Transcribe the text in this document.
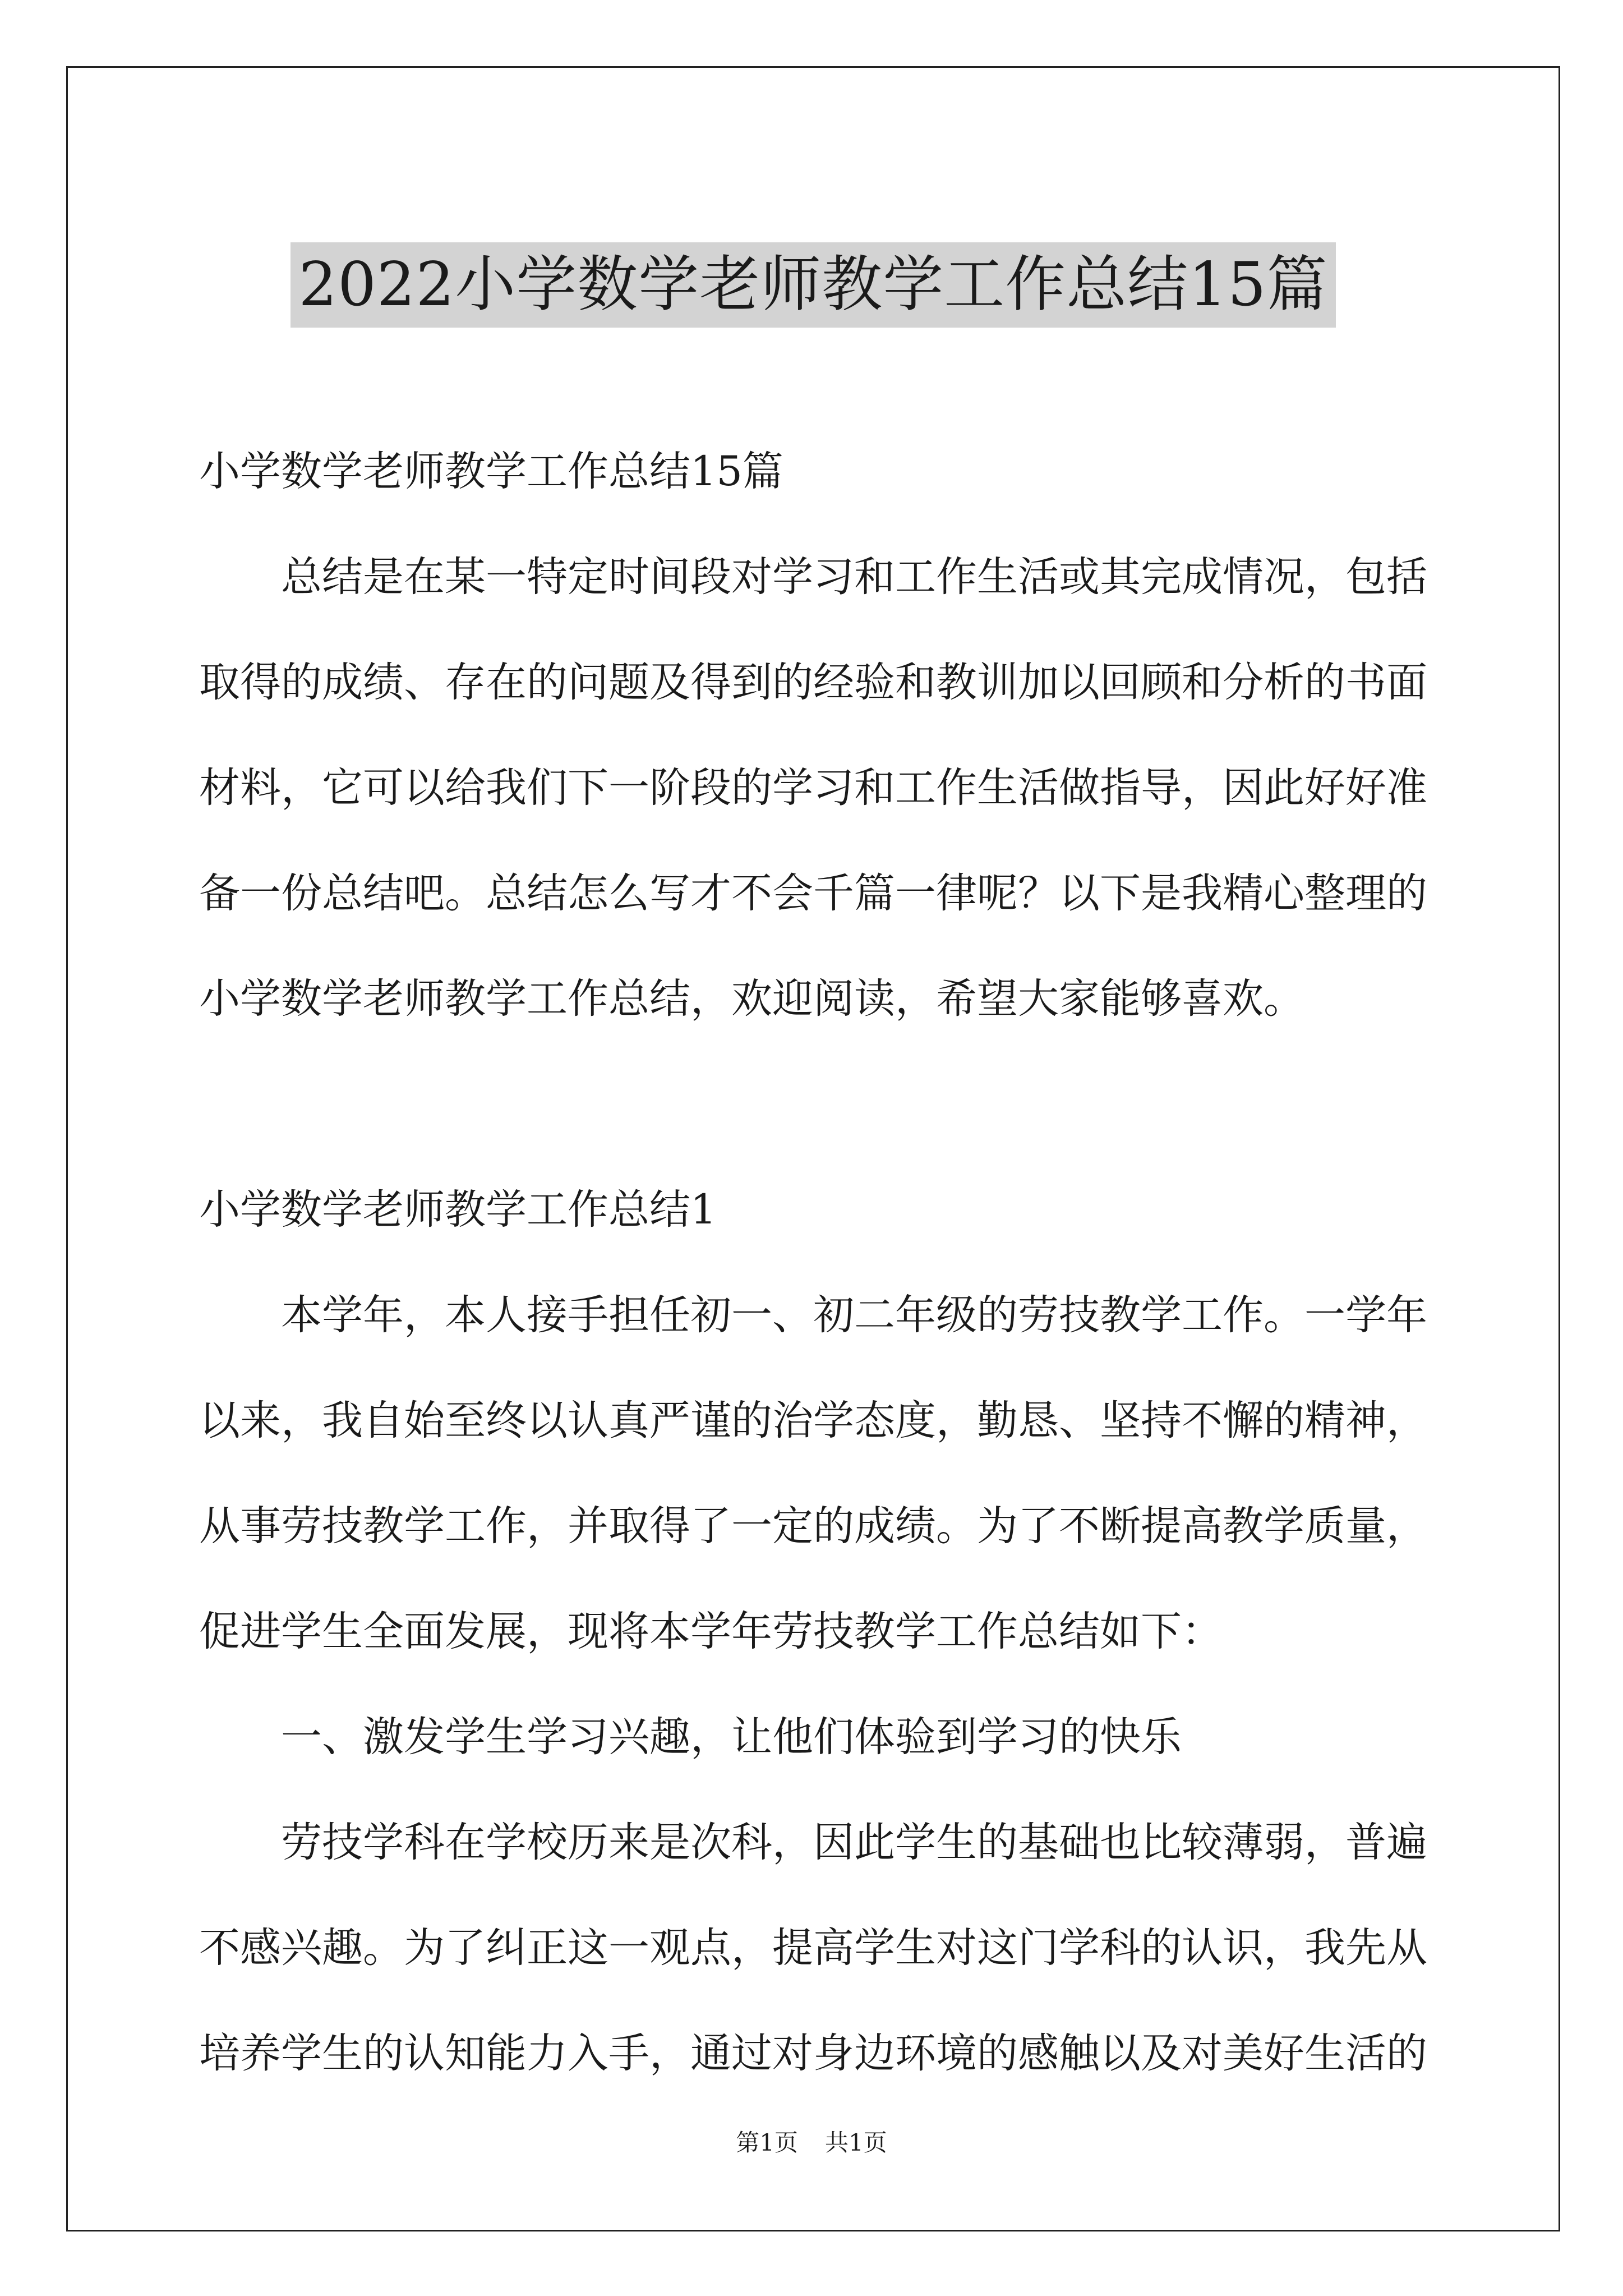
2022小学数学老师教学工作总结15篇

小学数学老师教学工作总结15篇

总结是在某一特定时间段对学习和工作生活或其完成情况，包括取得的成绩、存在的问题及得到的经验和教训加以回顾和分析的书面材料，它可以给我们下一阶段的学习和工作生活做指导，因此好好准备一份总结吧。总结怎么写才不会千篇一律呢？以下是我精心整理的小学数学老师教学工作总结，欢迎阅读，希望大家能够喜欢。

小学数学老师教学工作总结1

本学年，本人接手担任初一、初二年级的劳技教学工作。一学年以来，我自始至终以认真严谨的治学态度，勤恳、坚持不懈的精神，从事劳技教学工作，并取得了一定的成绩。为了不断提高教学质量，促进学生全面发展，现将本学年劳技教学工作总结如下：

一、激发学生学习兴趣，让他们体验到学习的快乐

劳技学科在学校历来是次科，因此学生的基础也比较薄弱，普遍不感兴趣。为了纠正这一观点，提高学生对这门学科的认识，我先从培养学生的认知能力入手，通过对身边环境的感触以及对美好生活的

第1页 共1页
